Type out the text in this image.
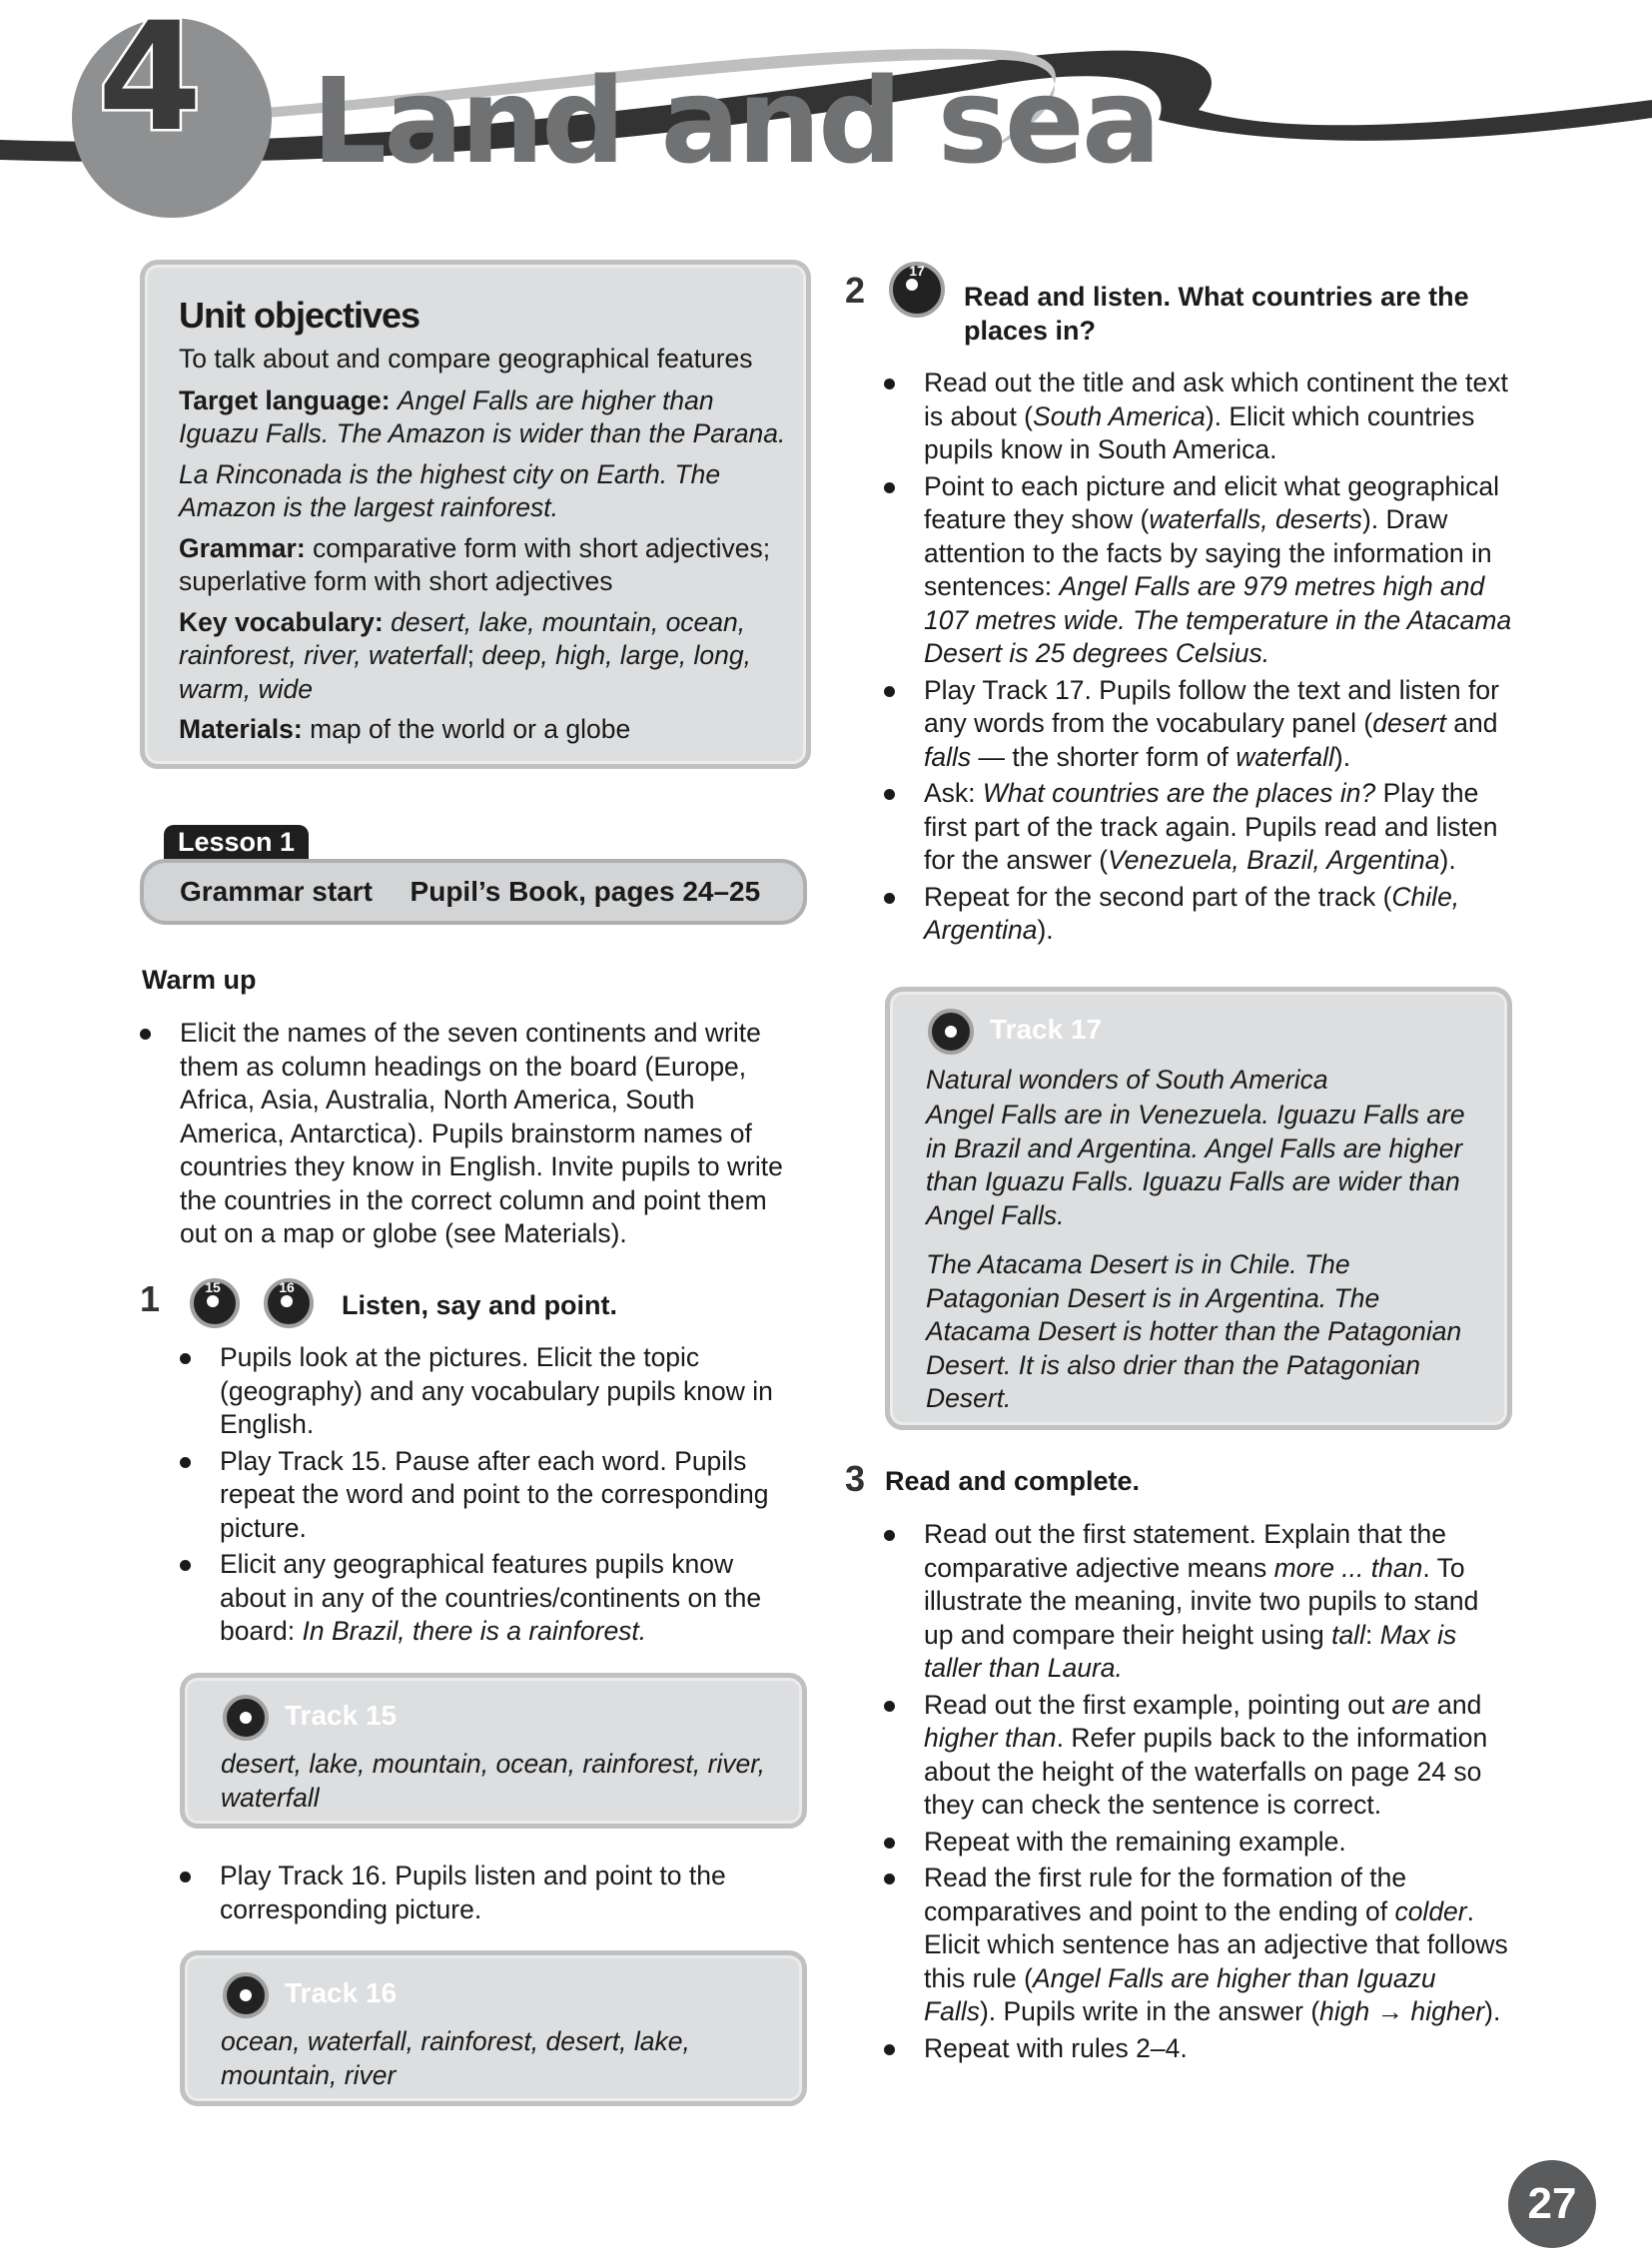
4 Land and sea
Unit objectives
To talk about and compare geographical features
Target language: Angel Falls are higher than Iguazu Falls. The Amazon is wider than the Parana.
La Rinconada is the highest city on Earth. The Amazon is the largest rainforest.
Grammar: comparative form with short adjectives; superlative form with short adjectives
Key vocabulary: desert, lake, mountain, ocean, rainforest, river, waterfall; deep, high, large, long, warm, wide
Materials: map of the world or a globe
Lesson 1
Grammar start Pupil’s Book, pages 24–25
Warm up
Elicit the names of the seven continents and write them as column headings on the board (Europe, Africa, Asia, Australia, North America, South America, Antarctica). Pupils brainstorm names of countries they know in English. Invite pupils to write the countries in the correct column and point them out on a map or globe (see Materials).
1	15	16
Listen, say and point.
Pupils look at the pictures. Elicit the topic (geography) and any vocabulary pupils know in English.
Play Track 15. Pause after each word. Pupils repeat the word and point to the corresponding picture.
Elicit any geographical features pupils know about in any of the countries/continents on the board: In Brazil, there is a rainforest.
Track 15
desert, lake, mountain, ocean, rainforest, river, waterfall
Play Track 16. Pupils listen and point to the corresponding picture.
Track 16
ocean, waterfall, rainforest, desert, lake, mountain, river
2	17
Read and listen. What countries are the places in?
Read out the title and ask which continent the text is about (South America). Elicit which countries pupils know in South America.
Point to each picture and elicit what geographical feature they show (waterfalls, deserts). Draw attention to the facts by saying the information in sentences: Angel Falls are 979 metres high and 107 metres wide. The temperature in the Atacama Desert is 25 degrees Celsius.
Play Track 17. Pupils follow the text and listen for any words from the vocabulary panel (desert and falls — the shorter form of waterfall).
Ask: What countries are the places in? Play the first part of the track again. Pupils read and listen for the answer (Venezuela, Brazil, Argentina).
Repeat for the second part of the track (Chile, Argentina).
Track 17
Natural wonders of South America
Angel Falls are in Venezuela. Iguazu Falls are in Brazil and Argentina. Angel Falls are higher than Iguazu Falls. Iguazu Falls are wider than Angel Falls.
The Atacama Desert is in Chile. The Patagonian Desert is in Argentina. The Atacama Desert is hotter than the Patagonian Desert. It is also drier than the Patagonian Desert.
3 Read and complete.
Read out the first statement. Explain that the comparative adjective means more ... than. To illustrate the meaning, invite two pupils to stand up and compare their height using tall: Max is taller than Laura.
Read out the first example, pointing out are and higher than. Refer pupils back to the information about the height of the waterfalls on page 24 so they can check the sentence is correct.
Repeat with the remaining example.
Read the first rule for the formation of the comparatives and point to the ending of colder. Elicit which sentence has an adjective that follows this rule (Angel Falls are higher than Iguazu Falls). Pupils write in the answer (high → higher).
Repeat with rules 2–4.
27
